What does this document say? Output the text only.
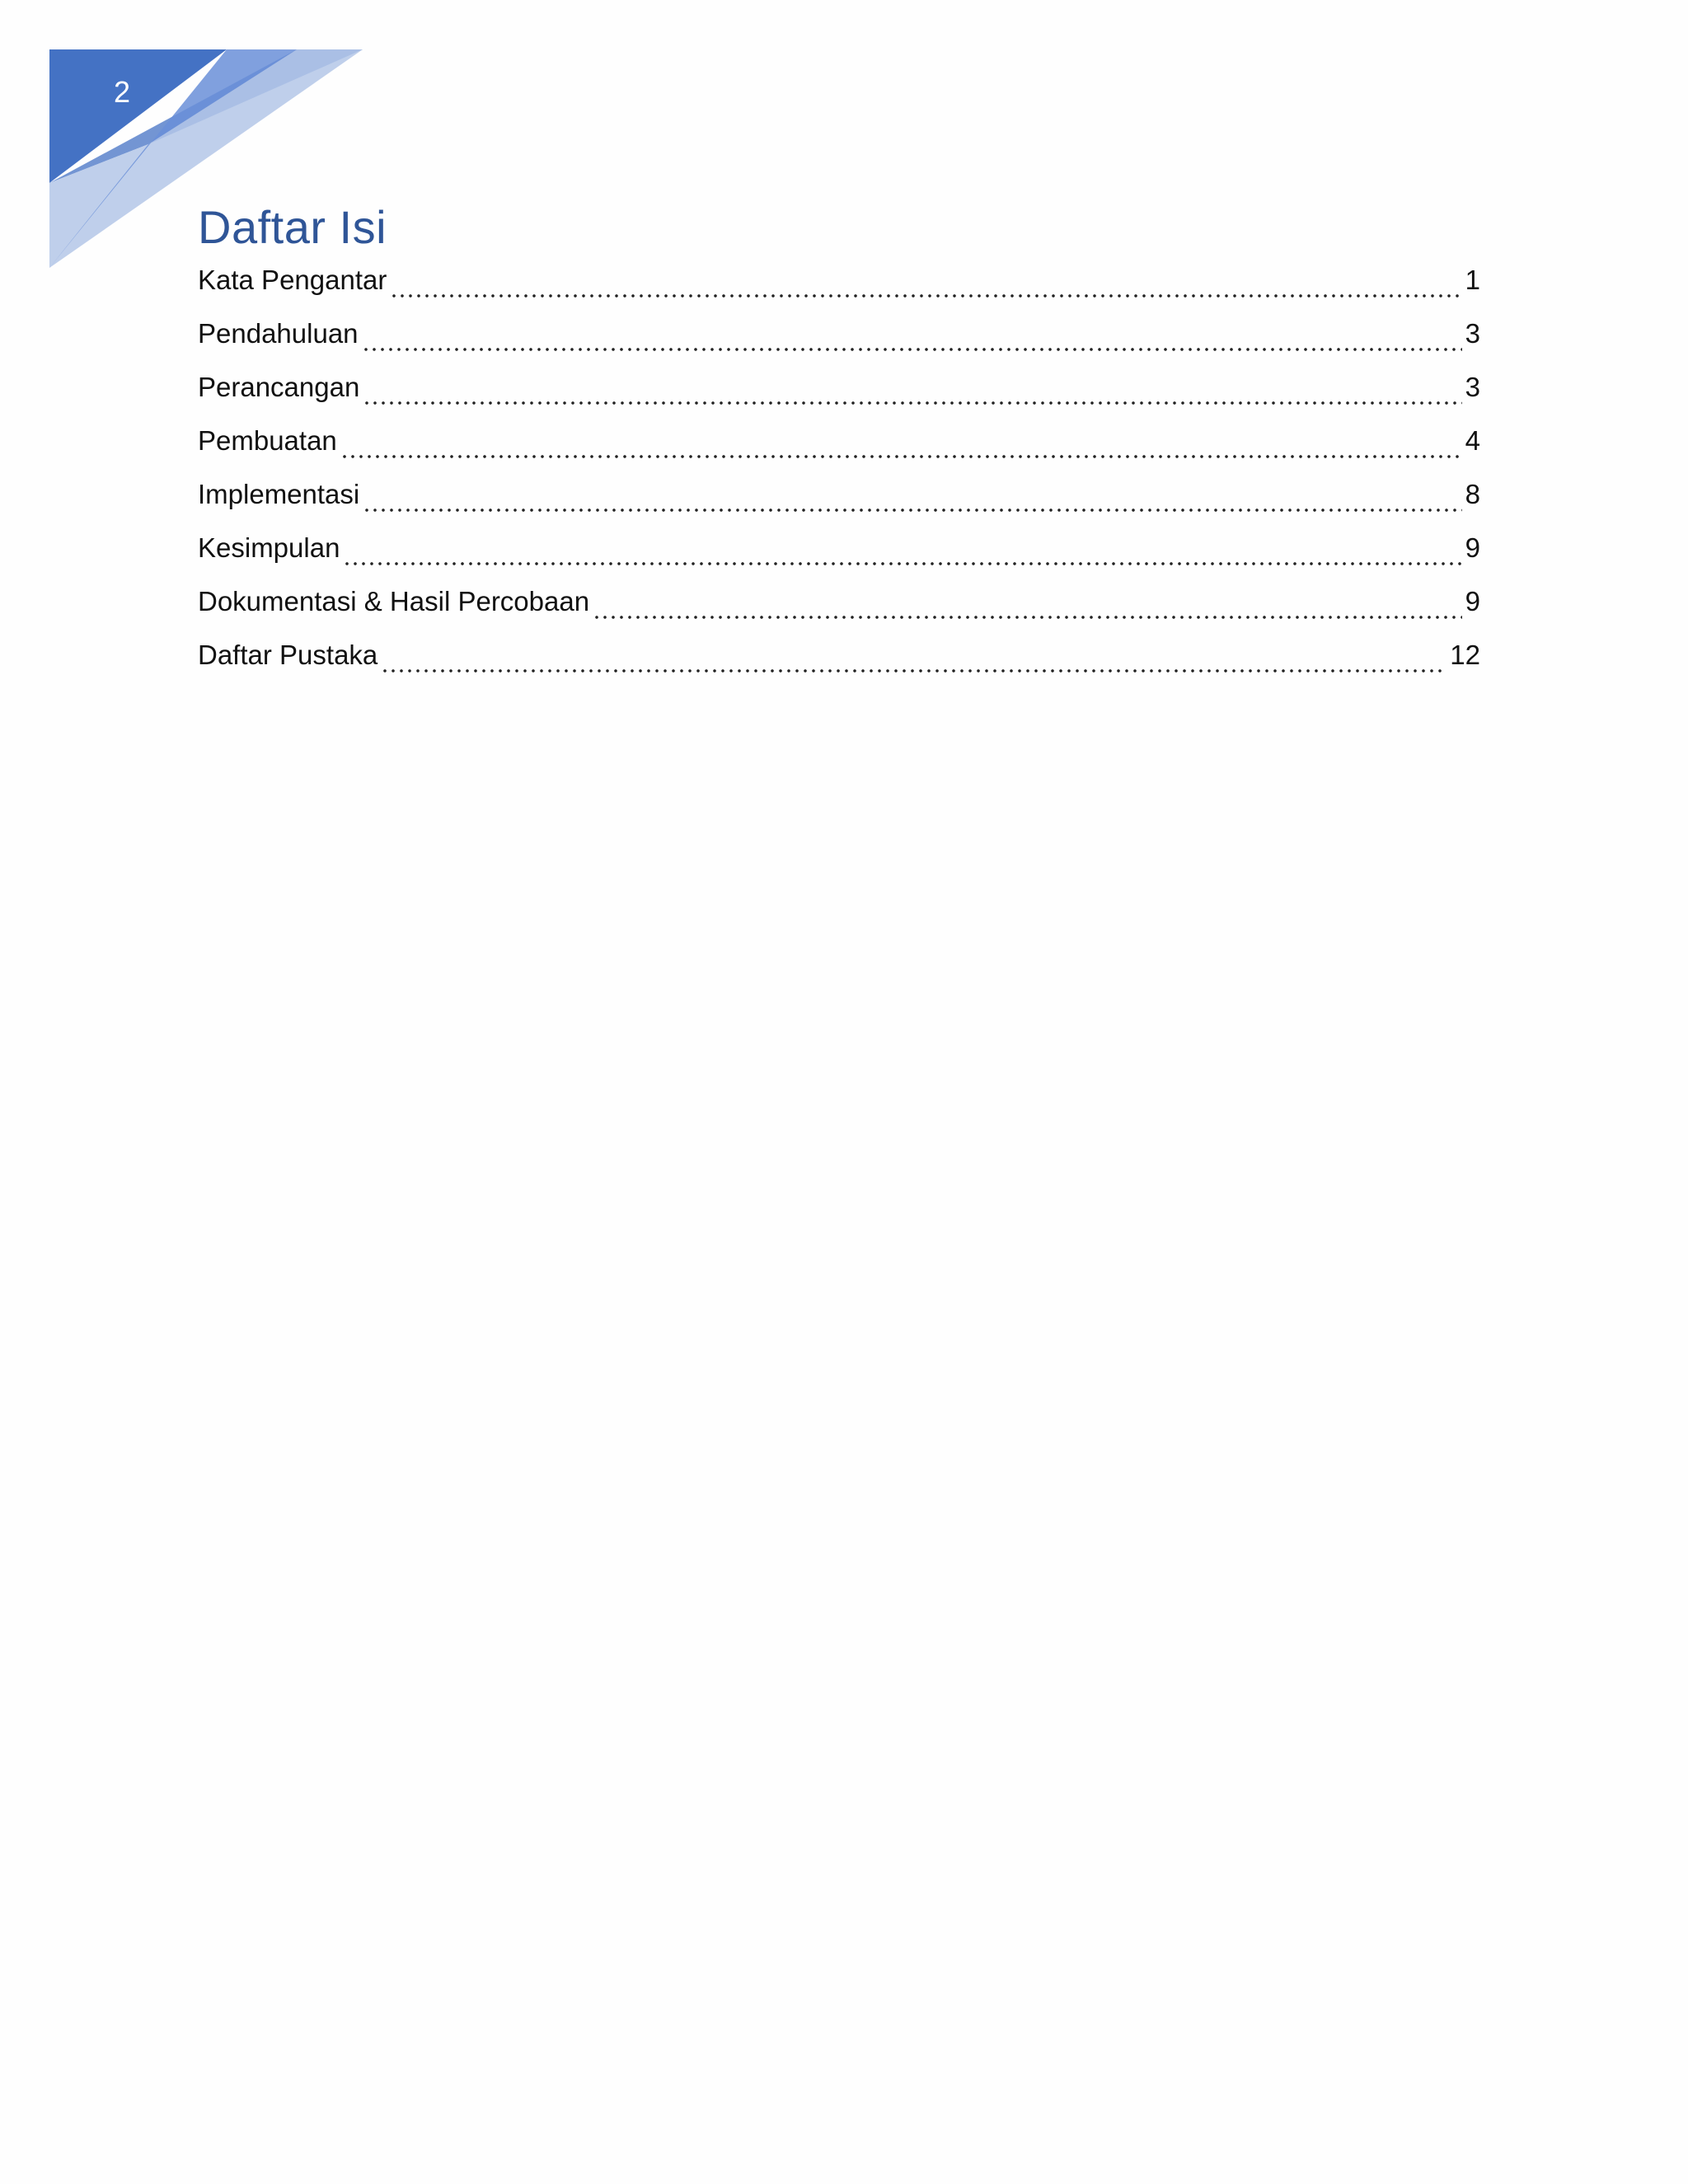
2
Daftar Isi
Kata Pengantar	1
Pendahuluan	3
Perancangan	3
Pembuatan	4
Implementasi	8
Kesimpulan	9
Dokumentasi & Hasil Percobaan	9
Daftar Pustaka	12
